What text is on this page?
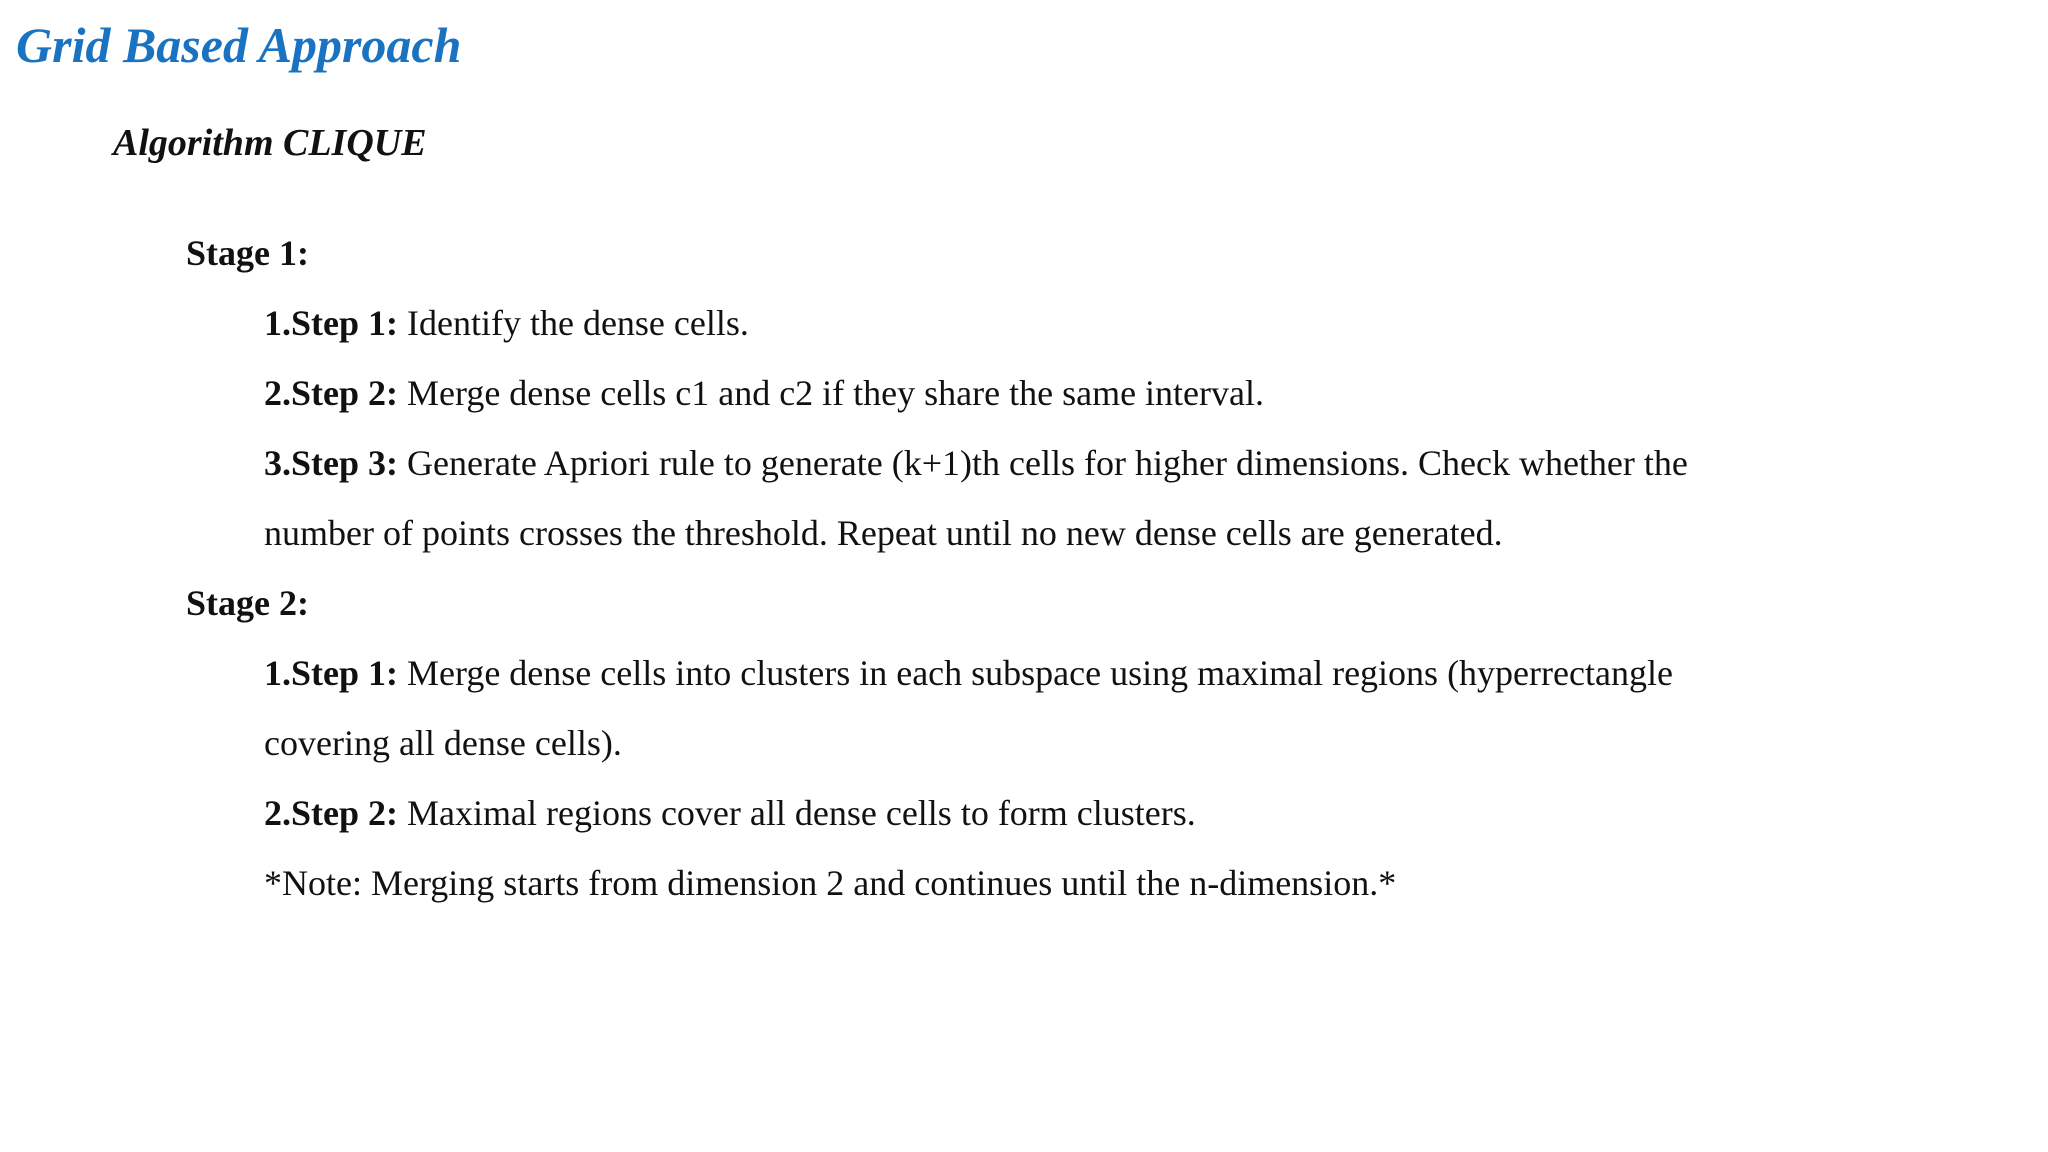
Grid Based Approach
Algorithm CLIQUE

Stage 1:

1.Step 1: Identify the dense cells.

2.Step 2: Merge dense cells c1 and c2 if they share the same interval.

3.Step 3: Generate Apriori rule to generate (k+1)th cells for higher dimensions. Check whether the

number of points crosses the threshold. Repeat until no new dense cells are generated.

Stage 2:

1.Step 1: Merge dense cells into clusters in each subspace using maximal regions (hyperrectangle

covering all dense cells).

2.Step 2: Maximal regions cover all dense cells to form clusters.

*Note: Merging starts from dimension 2 and continues until the n-dimension.*
